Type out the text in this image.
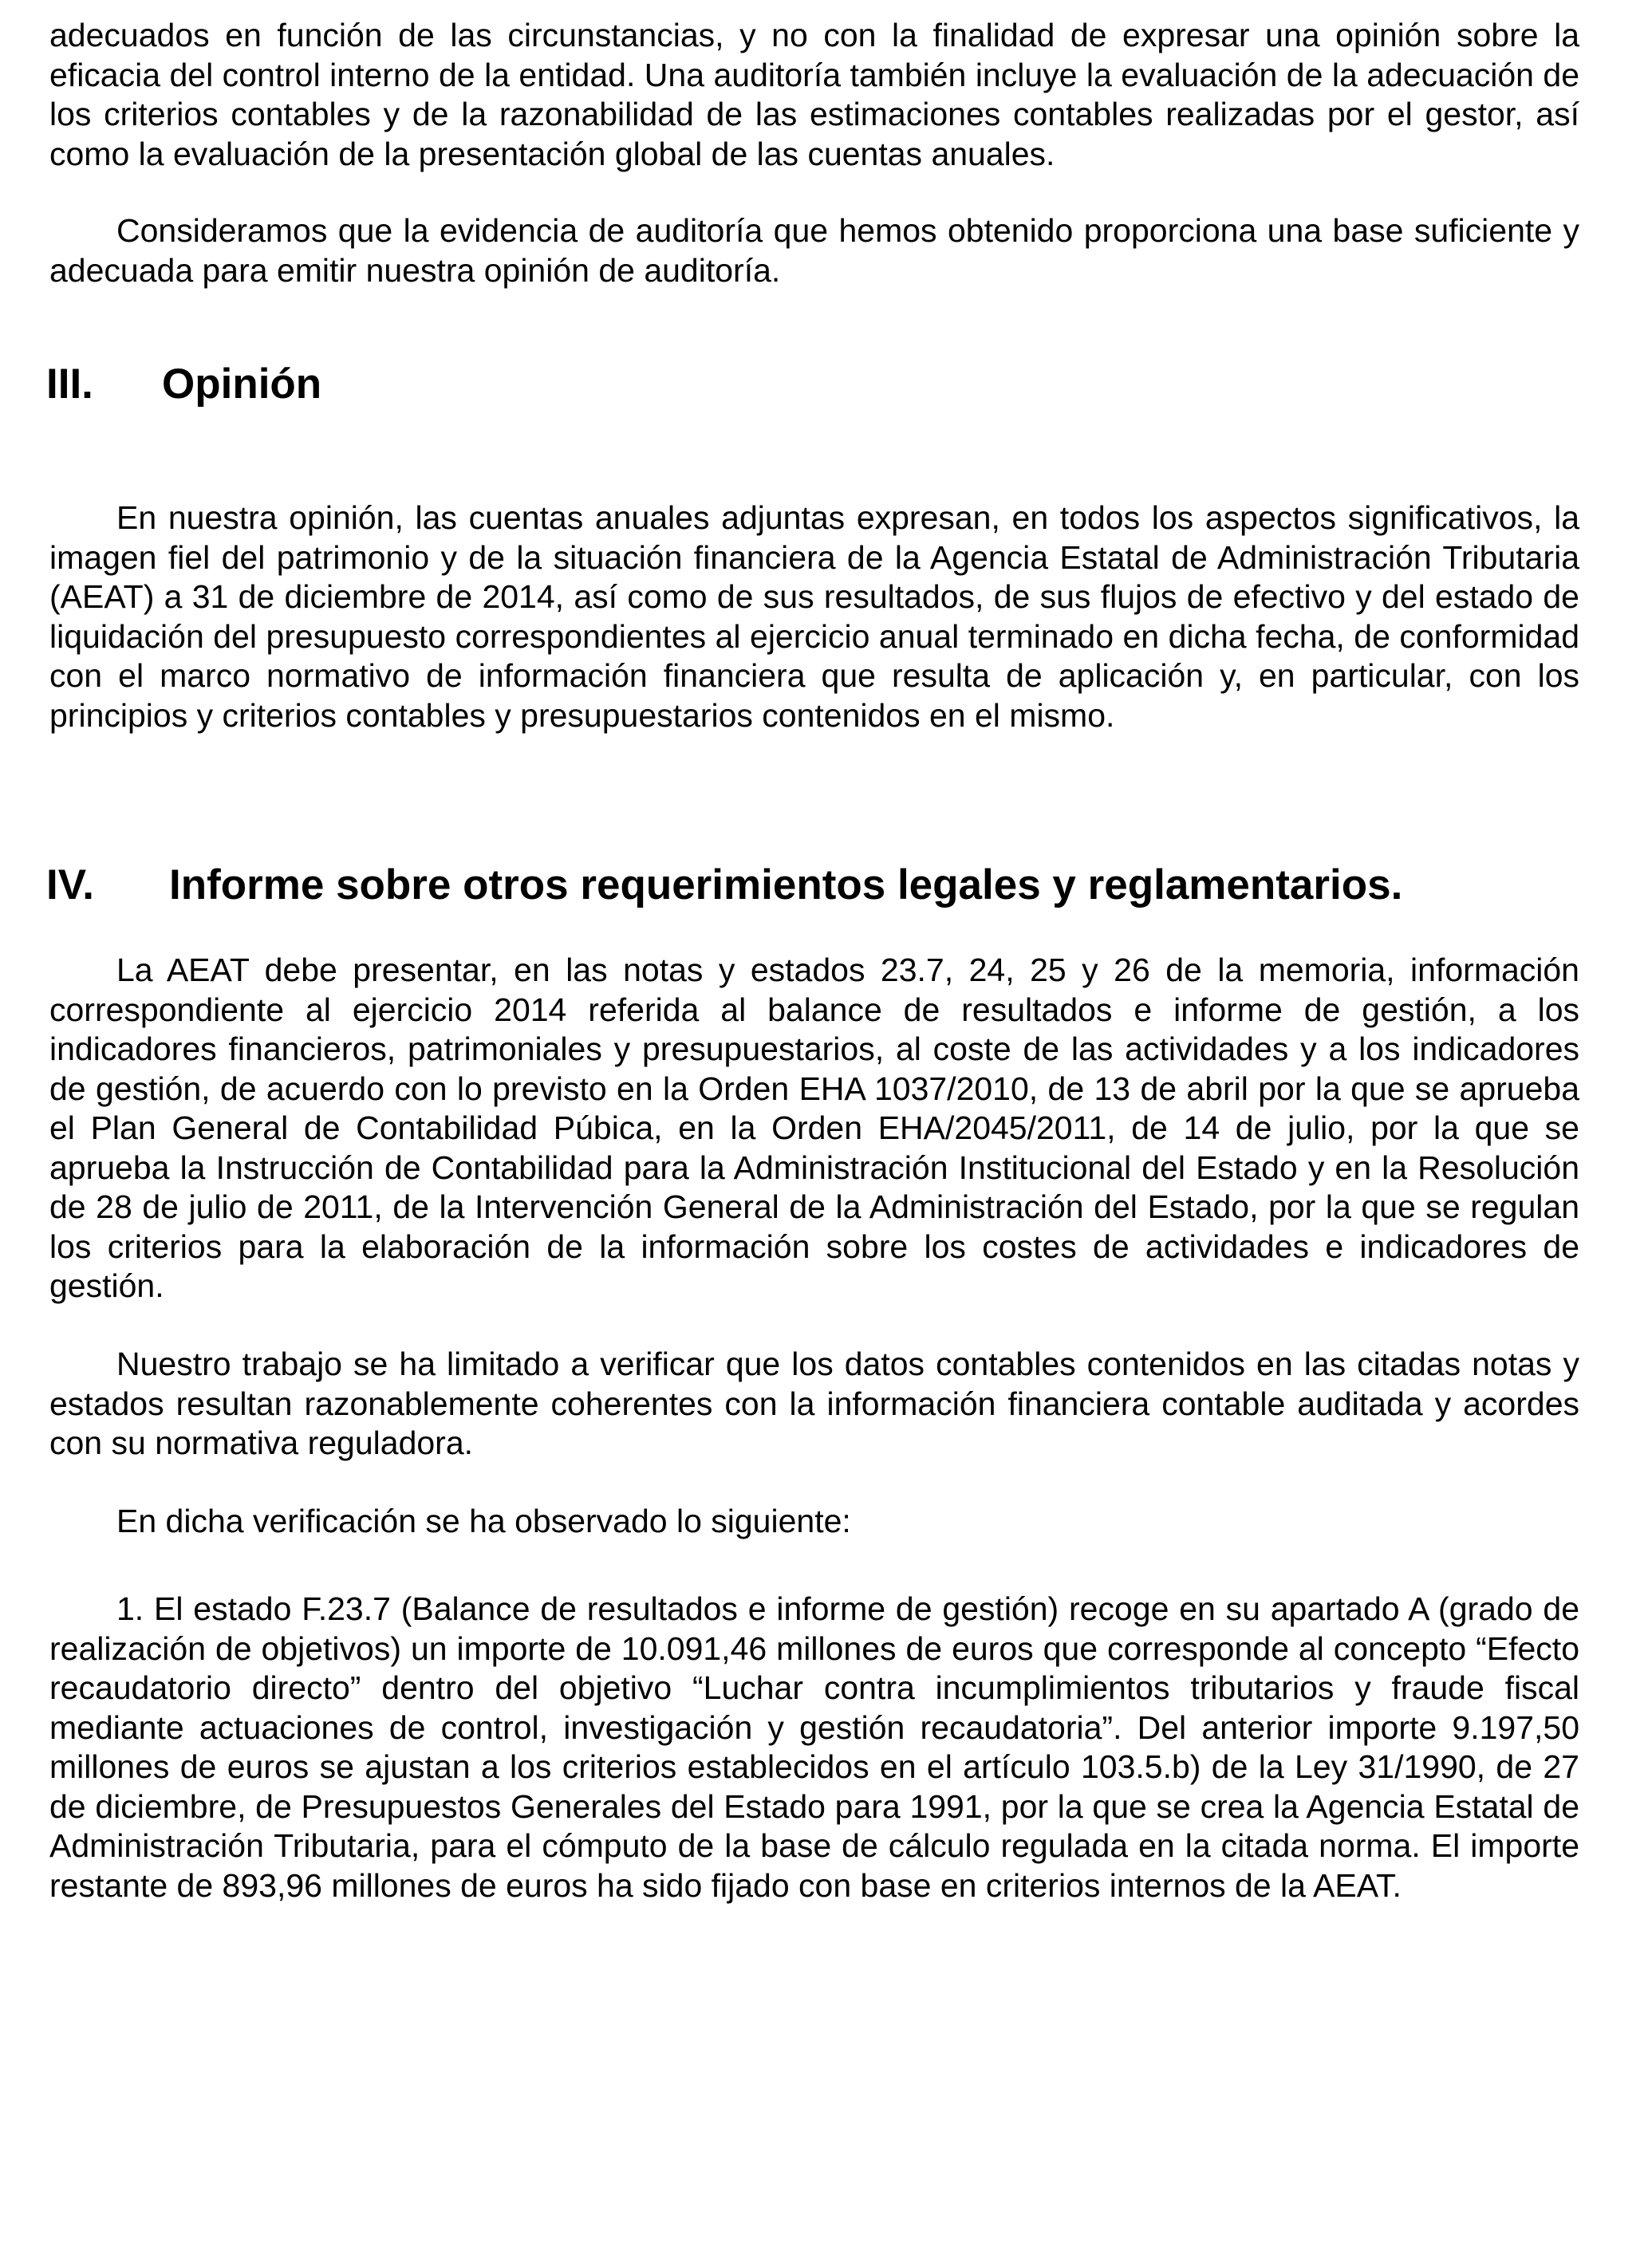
adecuados en función de las circunstancias, y no con la finalidad de expresar una opinión sobre la eficacia del control interno de la entidad. Una auditoría también incluye la evaluación de la adecuación de los criterios contables y de la razonabilidad de las estimaciones contables realizadas por el gestor, así como la evaluación de la presentación global de las cuentas anuales.

Consideramos que la evidencia de auditoría que hemos obtenido proporciona una base suficiente y adecuada para emitir nuestra opinión de auditoría.

III. Opinión

En nuestra opinión, las cuentas anuales adjuntas expresan, en todos los aspectos significativos, la imagen fiel del patrimonio y de la situación financiera de la Agencia Estatal de Administración Tributaria (AEAT) a 31 de diciembre de 2014, así como de sus resultados, de sus flujos de efectivo y del estado de liquidación del presupuesto correspondientes al ejercicio anual terminado en dicha fecha, de conformidad con el marco normativo de información financiera que resulta de aplicación y, en particular, con los principios y criterios contables y presupuestarios contenidos en el mismo.

IV. Informe sobre otros requerimientos legales y reglamentarios.

La AEAT debe presentar, en las notas y estados 23.7, 24, 25 y 26 de la memoria, información correspondiente al ejercicio 2014 referida al balance de resultados e informe de gestión, a los indicadores financieros, patrimoniales y presupuestarios, al coste de las actividades y a los indicadores de gestión, de acuerdo con lo previsto en la Orden EHA 1037/2010, de 13 de abril por la que se aprueba el Plan General de Contabilidad Púbica, en la Orden EHA/2045/2011, de 14 de julio, por la que se aprueba la Instrucción de Contabilidad para la Administración Institucional del Estado y en la Resolución de 28 de julio de 2011, de la Intervención General de la Administración del Estado, por la que se regulan los criterios para la elaboración de la información sobre los costes de actividades e indicadores de gestión.

Nuestro trabajo se ha limitado a verificar que los datos contables contenidos en las citadas notas y estados resultan razonablemente coherentes con la información financiera contable auditada y acordes con su normativa reguladora.

En dicha verificación se ha observado lo siguiente:

1. El estado F.23.7 (Balance de resultados e informe de gestión) recoge en su apartado A (grado de realización de objetivos) un importe de 10.091,46 millones de euros que corresponde al concepto “Efecto recaudatorio directo” dentro del objetivo “Luchar contra incumplimientos tributarios y fraude fiscal mediante actuaciones de control, investigación y gestión recaudatoria”. Del anterior importe 9.197,50 millones de euros se ajustan a los criterios establecidos en el artículo 103.5.b) de la Ley 31/1990, de 27 de diciembre, de Presupuestos Generales del Estado para 1991, por la que se crea la Agencia Estatal de Administración Tributaria, para el cómputo de la base de cálculo regulada en la citada norma. El importe restante de 893,96 millones de euros ha sido fijado con base en criterios internos de la AEAT.
